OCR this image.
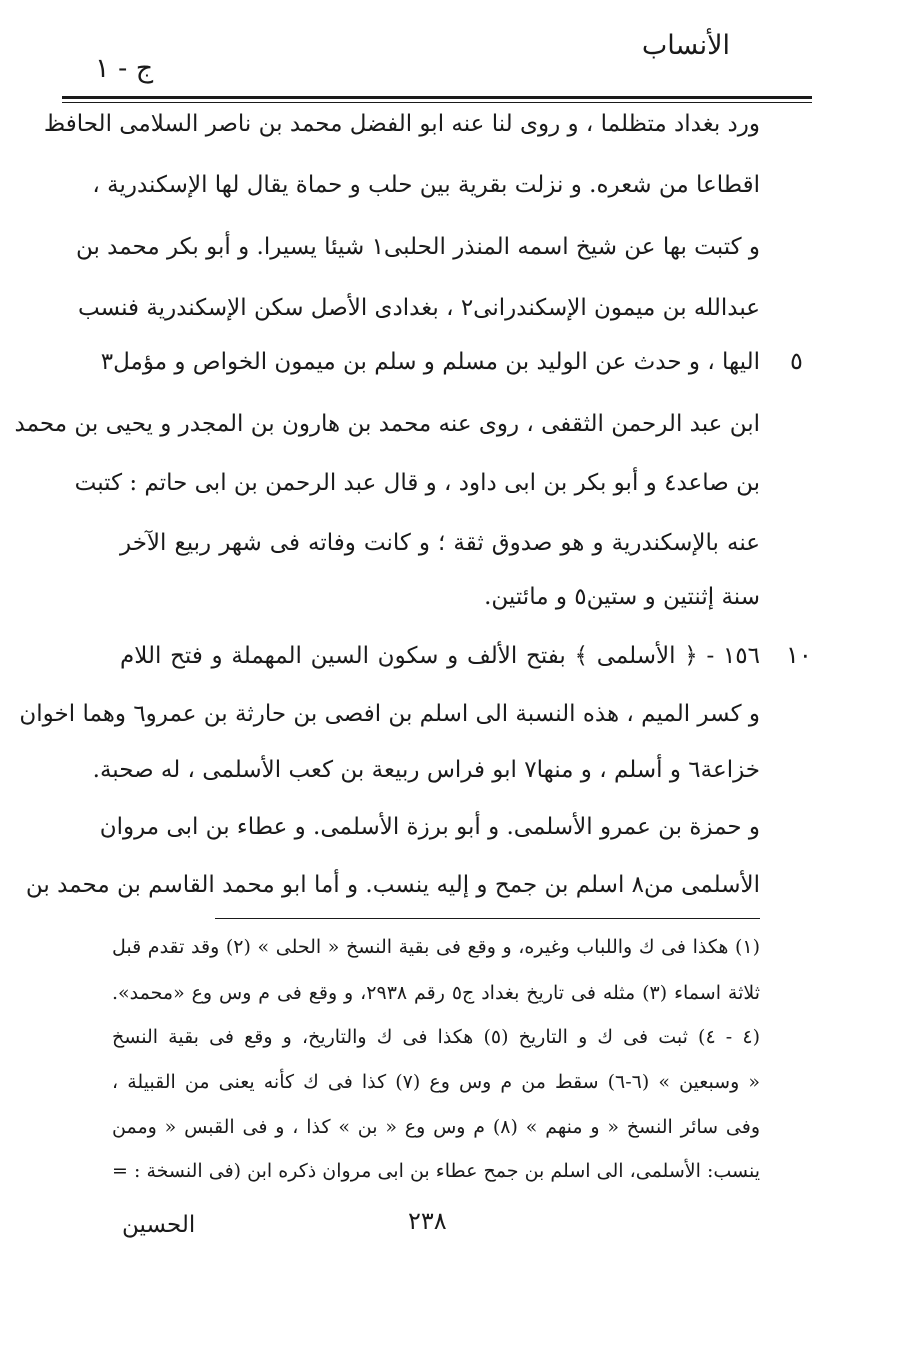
الأنساب
ج - ١
ورد بغداد متظلما ، و روى لنا عنه ابو الفضل محمد بن ناصر السلامى الحافظ
اقطاعا من شعره. و نزلت بقرية بين حلب و حماة يقال لها الإسكندرية ،
و كتبت بها عن شيخ اسمه المنذر الحلبى١ شيئا يسيرا. و أبو بكر محمد بن
عبدالله بن ميمون الإسكندرانى٢ ، بغدادى الأصل سكن الإسكندرية فنسب
اليها ، و حدث عن الوليد بن مسلم و سلم بن ميمون الخواص و مؤمل٣
ابن عبد الرحمن الثقفى ، روى عنه محمد بن هارون بن المجدر و يحيى بن محمد
بن صاعد٤ و أبو بكر بن ابى داود ، و قال عبد الرحمن بن ابى حاتم : كتبت
عنه بالإسكندرية و هو صدوق ثقة ؛ و كانت وفاته فى شهر ربيع الآخر
سنة إثنتين و ستين٥ و مائتين.
١٥٦ - ﴿ الأسلمى ﴾ بفتح الألف و سكون السين المهملة و فتح اللام
و كسر الميم ، هذه النسبة الى اسلم بن افصى بن حارثة بن عمرو٦ وهما اخوان
خزاعة٦ و أسلم ، و منها٧ ابو فراس ربيعة بن كعب الأسلمى ، له صحبة.
و حمزة بن عمرو الأسلمى. و أبو برزة الأسلمى. و عطاء بن ابى مروان
الأسلمى من٨ اسلم بن جمح و إليه ينسب. و أما ابو محمد القاسم بن محمد بن
٥
١٠
(١) هكذا فى ك واللباب وغيره، و وقع فى بقية النسخ « الحلى » (٢) وقد تقدم قبل
ثلاثة اسماء (٣) مثله فى تاريخ بغداد ج٥ رقم ٢٩٣٨، و وقع فى م وس وع «محمد».
(٤ - ٤) ثبت فى ك و التاريخ (٥) هكذا فى ك والتاريخ، و وقع فى بقية النسخ
« وسبعين » (٦-٦) سقط من م وس وع (٧) كذا فى ك كأنه يعنى من القبيلة ،
وفى سائر النسخ « و منهم » (٨) م وس وع « بن » كذا ، و فى القبس « وممن
ينسب: الأسلمى، الى اسلم بن جمح عطاء بن ابى مروان ذكره ابن (فى النسخة : =
٢٣٨
الحسين
